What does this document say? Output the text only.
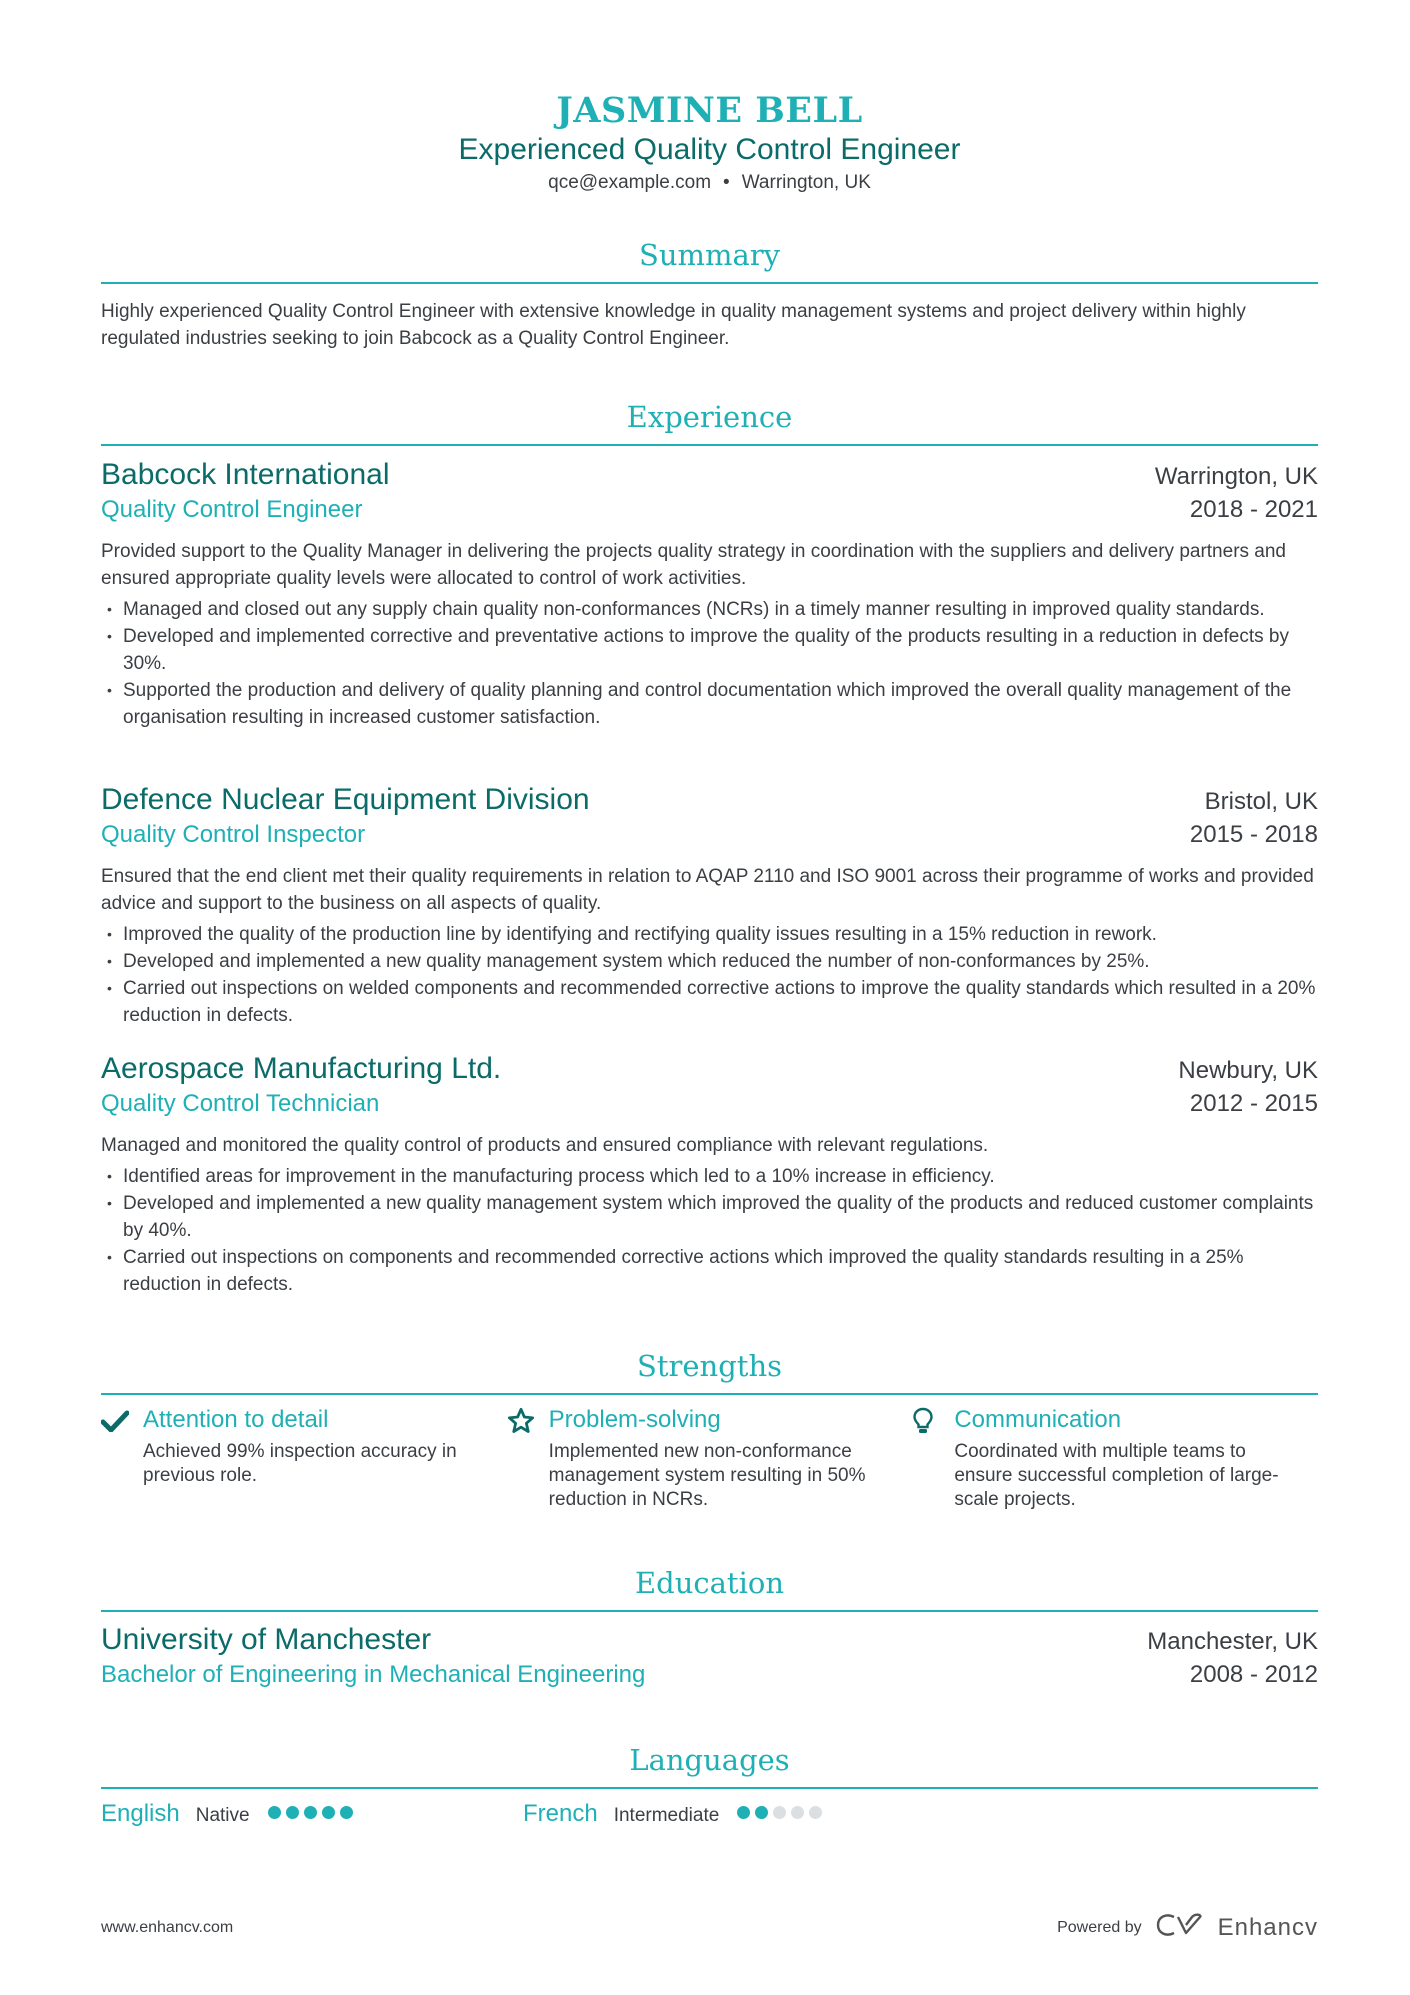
JASMINE BELL
Experienced Quality Control Engineer
qce@example.com • Warrington, UK
Summary
Highly experienced Quality Control Engineer with extensive knowledge in quality management systems and project delivery within highly regulated industries seeking to join Babcock as a Quality Control Engineer.
Experience
Babcock International	Warrington, UK
Quality Control Engineer	2018 - 2021
Provided support to the Quality Manager in delivering the projects quality strategy in coordination with the suppliers and delivery partners and ensured appropriate quality levels were allocated to control of work activities.
• Managed and closed out any supply chain quality non-conformances (NCRs) in a timely manner resulting in improved quality standards.
• Developed and implemented corrective and preventative actions to improve the quality of the products resulting in a reduction in defects by 30%.
• Supported the production and delivery of quality planning and control documentation which improved the overall quality management of the organisation resulting in increased customer satisfaction.
Defence Nuclear Equipment Division	Bristol, UK
Quality Control Inspector	2015 - 2018
Ensured that the end client met their quality requirements in relation to AQAP 2110 and ISO 9001 across their programme of works and provided advice and support to the business on all aspects of quality.
• Improved the quality of the production line by identifying and rectifying quality issues resulting in a 15% reduction in rework.
• Developed and implemented a new quality management system which reduced the number of non-conformances by 25%.
• Carried out inspections on welded components and recommended corrective actions to improve the quality standards which resulted in a 20% reduction in defects.
Aerospace Manufacturing Ltd.	Newbury, UK
Quality Control Technician	2012 - 2015
Managed and monitored the quality control of products and ensured compliance with relevant regulations.
• Identified areas for improvement in the manufacturing process which led to a 10% increase in efficiency.
• Developed and implemented a new quality management system which improved the quality of the products and reduced customer complaints by 40%.
• Carried out inspections on components and recommended corrective actions which improved the quality standards resulting in a 25% reduction in defects.
Strengths
Attention to detail
Achieved 99% inspection accuracy in previous role.
Problem-solving
Implemented new non-conformance management system resulting in 50% reduction in NCRs.
Communication
Coordinated with multiple teams to ensure successful completion of large-scale projects.
Education
University of Manchester	Manchester, UK
Bachelor of Engineering in Mechanical Engineering	2008 - 2012
Languages
English Native	French Intermediate
www.enhancv.com	Powered by	Enhancv
